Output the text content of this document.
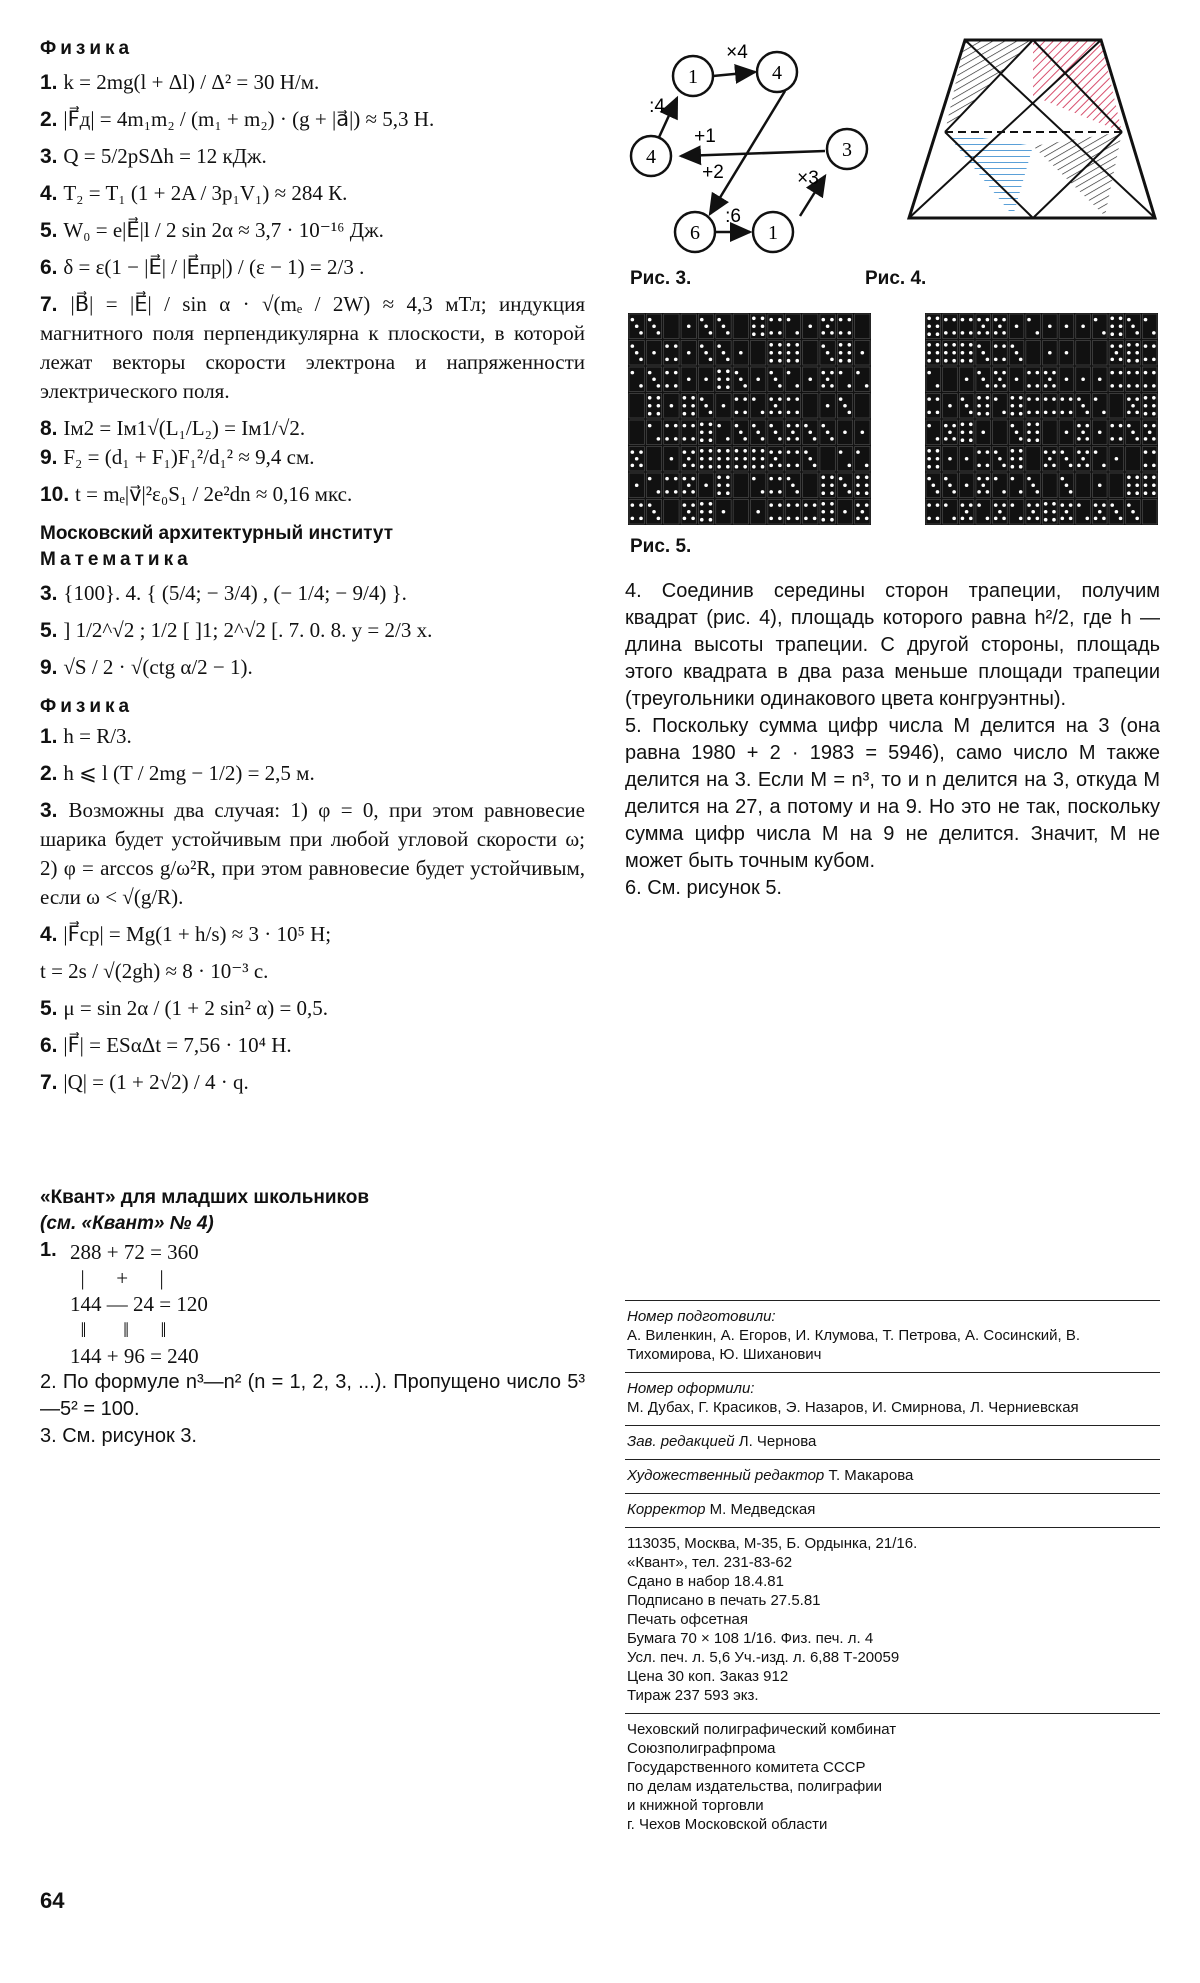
Физика

1. k = 2mg(l + Δl) / Δ² = 30 Н/м.

2. |F⃗д| = 4m₁m₂ / (m₁ + m₂) · (g + |a⃗|) ≈ 5,3 Н.

3. Q = 5/2pSΔh = 12 кДж.

4. T₂ = T₁ (1 + 2A / 3p₁V₁) ≈ 284 К.

5. W₀ = e|E⃗|l / 2 sin 2α ≈ 3,7 · 10⁻¹⁶ Дж.

6. δ = ε(1 − |E⃗| / |E⃗пр|) / (ε − 1) = 2/3 .

7. |B⃗| = |E⃗| / sin α · √(mₑ / 2W) ≈ 4,3 мТл; индукция магнитного поля перпендикулярна к плоскости, в которой лежат векторы скорости электрона и напряженности электрического поля.

8. Iм2 = Iм1√(L₁/L₂) = Iм1/√2.

9. F₂ = (d₁ + F₁)F₁²/d₁² ≈ 9,4 см.

10. t = mₑ|v⃗|²ε₀S₁ / 2e²dn ≈ 0,16 мкс.

Московский архитектурный институт
Математика

3. {100}. 4. { (5/4; − 3/4) , (− 1/4; − 9/4) }.

5. ] 1/2^√2 ; 1/2 [ ]1; 2^√2 [. 7. 0. 8. y = 2/3 x.

9. √S / 2 · √(ctg α/2 − 1).

Физика

1. h = R/3.

2. h ⩽ l (T / 2mg − 1/2) = 2,5 м.

3. Возможны два случая: 1) φ = 0, при этом равновесие шарика будет устойчивым при любой угловой скорости ω; 2) φ = arccos g/ω²R, при этом равновесие будет устойчивым, если ω < √(g/R).

4. |F⃗ср| = Mg(1 + h/s) ≈ 3 · 10⁵ Н;

t = 2s / √(2gh) ≈ 8 · 10⁻³ с.

5. μ = sin 2α / (1 + 2 sin² α) = 0,5.

6. |F⃗| = ESαΔt = 7,56 · 10⁴ Н.

7. |Q| = (1 + 2√2) / 4 · q.

«Квант» для младших школьников
(см. «Квант» № 4)
1. 288 + 72 = 360
|      +      |
144 — 24 = 120
‖       ‖      ‖
144 + 96 = 240

2. По формуле n³—n² (n = 1, 2, 3, ...). Пропущено число 5³—5² = 100.

3. См. рисунок 3.

64
1	4
3
4
6	1
×4
:4
+1
+2	×3
:6
Рис. 3.	Рис. 4.
Рис. 5.

4. Соединив середины сторон трапеции, получим квадрат (рис. 4), площадь которого равна h²/2, где h — длина высоты трапеции. С другой стороны, площадь этого квадрата в два раза меньше площади трапеции (треугольники одинакового цвета конгруэнтны).

5. Поскольку сумма цифр числа M делится на 3 (она равна 1980 + 2 · 1983 = 5946), само число M также делится на 3. Если M = n³, то и n делится на 3, откуда M делится на 27, а потому и на 9. Но это не так, поскольку сумма цифр числа M на 9 не делится. Значит, M не может быть точным кубом.

6. См. рисунок 5.

Номер подготовили:
А. Виленкин, А. Егоров, И. Клумова, Т. Петрова, А. Сосинский, В. Тихомирова, Ю. Шиханович
Номер оформили:
М. Дубах, Г. Красиков, Э. Назаров, И. Смирнова, Л. Черниевская
Зав. редакцией Л. Чернова
Художественный редактор Т. Макарова
Корректор М. Медведская
113035, Москва, М-35, Б. Ордынка, 21/16.
«Квант», тел. 231-83-62
Сдано в набор 18.4.81
Подписано в печать 27.5.81
Печать офсетная
Бумага 70 × 108 1/16. Физ. печ. л. 4
Усл. печ. л. 5,6 Уч.-изд. л. 6,88 Т-20059
Цена 30 коп. Заказ 912
Тираж 237 593 экз.
Чеховский полиграфический комбинат
Союзполиграфпрома
Государственного комитета СССР
по делам издательства, полиграфии
и книжной торговли
г. Чехов Московской области
